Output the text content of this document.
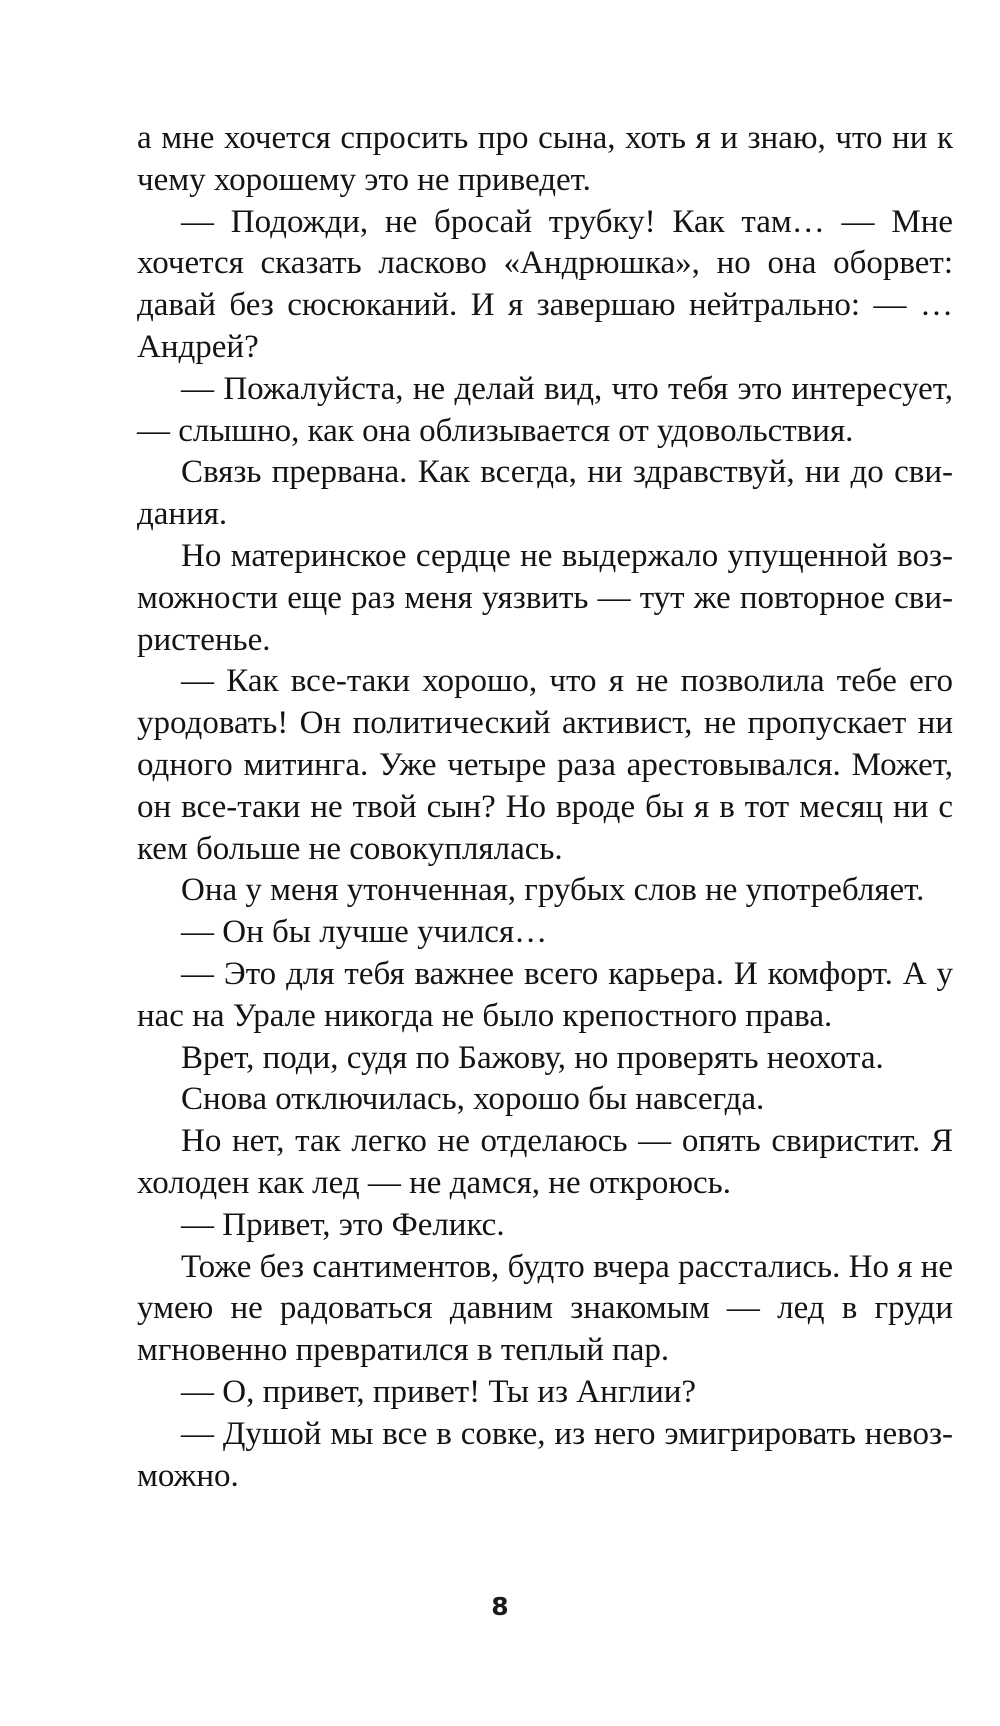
а мне хочется спросить про сына, хоть я и знаю, что ни к чему хорошему это не приведет.

— Подожди, не бросай трубку! Как там… — Мне хочется сказать ласково «Андрюшка», но она оборвет: давай без сюсюканий. И я завершаю нейтрально: — …Андрей?

— Пожалуйста, не делай вид, что тебя это интересует, — слышно, как она облизывается от удовольствия.

Связь прервана. Как всегда, ни здравствуй, ни до свидания.

Но материнское сердце не выдержало упущенной возможности еще раз меня уязвить — тут же повторное свиристенье.

— Как все-таки хорошо, что я не позволила тебе его уродовать! Он политический активист, не пропускает ни одного митинга. Уже четыре раза арестовывался. Может, он все-таки не твой сын? Но вроде бы я в тот месяц ни с кем больше не совокуплялась.

Она у меня утонченная, грубых слов не употребляет.

— Он бы лучше учился…

— Это для тебя важнее всего карьера. И комфорт. А у нас на Урале никогда не было крепостного права.

Врет, поди, судя по Бажову, но проверять неохота.

Снова отключилась, хорошо бы навсегда.

Но нет, так легко не отделаюсь — опять свиристит. Я холоден как лед — не дамся, не откроюсь.

— Привет, это Феликс.

Тоже без сантиментов, будто вчера расстались. Но я не умею не радоваться давним знакомым — лед в груди мгновенно превратился в теплый пар.

— О, привет, привет! Ты из Англии?

— Душой мы все в совке, из него эмигрировать невозможно.

8
